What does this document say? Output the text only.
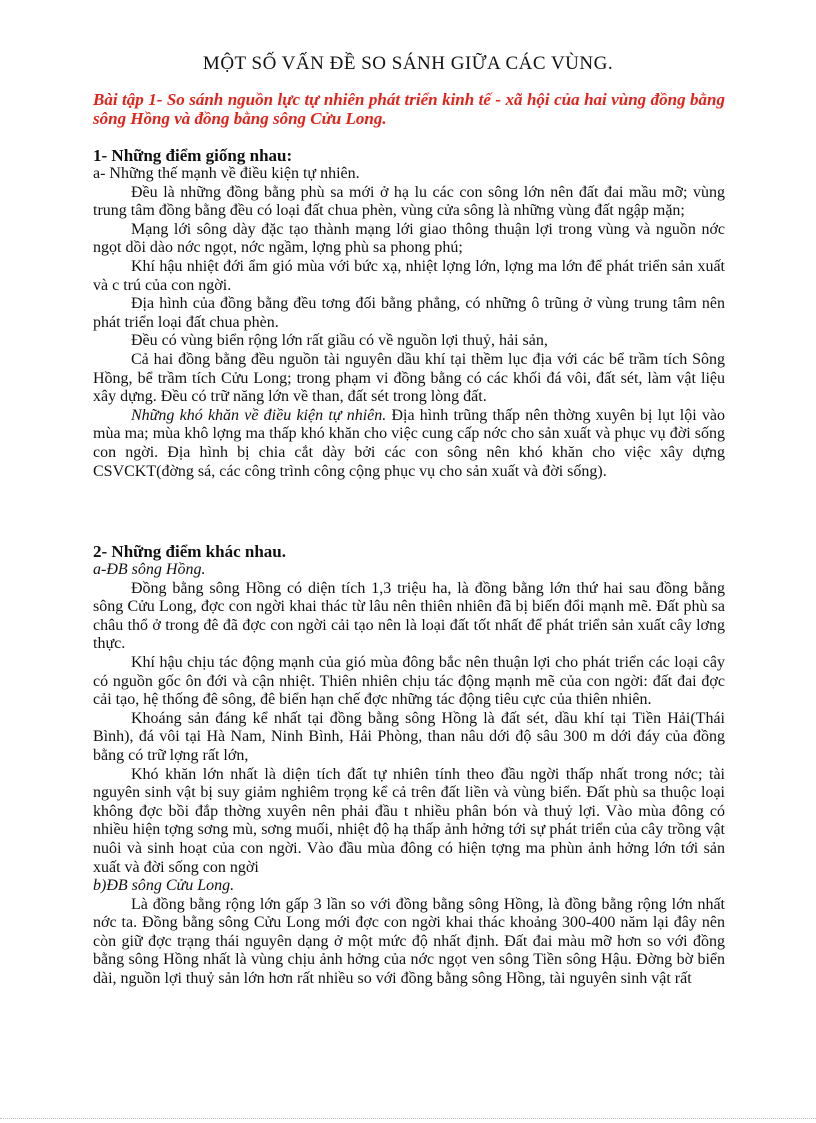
MỘT SỐ VẤN ĐỀ SO SÁNH GIỮA CÁC VÙNG.
Bài tập 1- So sánh nguồn lực tự nhiên phát triển kinh tế - xã hội của hai vùng đồng bằng sông Hồng và đồng bằng sông Cửu Long.
1- Những điểm giống nhau:

a- Những thế mạnh về điều kiện tự nhiên.

Đều là những đồng bằng phù sa mới ở hạ lu các con sông lớn nên đất đai mầu mỡ; vùng trung tâm đồng bằng đều có loại đất chua phèn, vùng cửa sông là những vùng đất ngập mặn;

Mạng lới sông dày đặc tạo thành mạng lới giao thông thuận lợi trong vùng và nguồn nớc ngọt dồi dào nớc ngọt, nớc ngầm, lợng phù sa phong phú;

Khí hậu nhiệt đới ẩm gió mùa với bức xạ, nhiệt lợng lớn, lợng ma lớn để phát triển sản xuất và c trú của con ngời.

Địa hình của đồng bằng đều tơng đối bằng phẳng, có những ô trũng ở vùng trung tâm nên phát triển loại đất chua phèn.

Đều có vùng biển rộng lớn rất giầu có về nguồn lợi thuỷ, hải sản,

Cả hai đồng bằng đều nguồn tài nguyên dầu khí tại thềm lục địa với các bể trầm tích Sông Hồng, bể trầm tích Cửu Long; trong phạm vi đồng bằng có các khối đá vôi, đất sét, làm vật liệu xây dựng. Đều có trữ năng lớn về than, đất sét trong lòng đất.

Những khó khăn về điều kiện tự nhiên. Địa hình trũng thấp nên thờng xuyên bị lụt lội vào mùa ma; mùa khô lợng ma thấp khó khăn cho việc cung cấp nớc cho sản xuất và phục vụ đời sống con ngời. Địa hình bị chia cắt dày bởi các con sông nên khó khăn cho việc xây dựng CSVCKT(đờng sá, các công trình công cộng phục vụ cho sản xuất và đời sống).

2- Những điểm khác nhau.

a-ĐB sông Hồng.

Đồng bằng sông Hồng có diện tích 1,3 triệu ha, là đồng bằng lớn thứ hai sau đồng bằng sông Cửu Long, đợc con ngời khai thác từ lâu nên thiên nhiên đã bị biến đổi mạnh mẽ. Đất phù sa châu thổ ở trong đê đã đợc con ngời cải tạo nên là loại đất tốt nhất để phát triển sản xuất cây lơng thực.

Khí hậu chịu tác động mạnh của gió mùa đông bắc nên thuận lợi cho phát triển các loại cây có nguồn gốc ôn đới và cận nhiệt. Thiên nhiên chịu tác động mạnh mẽ của con ngời: đất đai đợc cải tạo, hệ thống đê sông, đê biển hạn chế đợc những tác động tiêu cực của thiên nhiên.

Khoáng sản đáng kể nhất tại đồng bằng sông Hồng là đất sét, dầu khí tại Tiền Hải(Thái Bình), đá vôi tại Hà Nam, Ninh Bình, Hải Phòng, than nâu dới độ sâu 300 m dới đáy của đồng bằng có trữ lợng rất lớn,

Khó khăn lớn nhất là diện tích đất tự nhiên tính theo đầu ngời thấp nhất trong nớc; tài nguyên sinh vật bị suy giảm nghiêm trọng kể cả trên đất liền và vùng biển. Đất phù sa thuộc loại không đợc bồi đắp thờng xuyên nên phải đầu t nhiều phân bón và thuỷ lợi. Vào mùa đông có nhiều hiện tợng sơng mù, sơng muối, nhiệt độ hạ thấp ảnh hởng tới sự phát triển của cây trồng vật nuôi và sinh hoạt của con ngời. Vào đầu mùa đông có hiện tợng ma phùn ảnh hởng lớn tới sản xuất và đời sống con ngời

b)ĐB sông Cửu Long.

Là đồng bằng rộng lớn gấp 3 lần so với đồng bằng sông Hồng, là đồng bằng rộng lớn nhất nớc ta. Đồng bằng sông Cửu Long mới đợc con ngời khai thác khoảng 300-400 năm lại đây nên còn giữ đợc trạng thái nguyên dạng ở một mức độ nhất định. Đất đai màu mỡ hơn so với đồng bằng sông Hồng nhất là vùng chịu ảnh hởng của nớc ngọt ven sông Tiền sông Hậu. Đờng bờ biển dài, nguồn lợi thuỷ sản lớn hơn rất nhiều so với đồng bằng sông Hồng, tài nguyên sinh vật rất
